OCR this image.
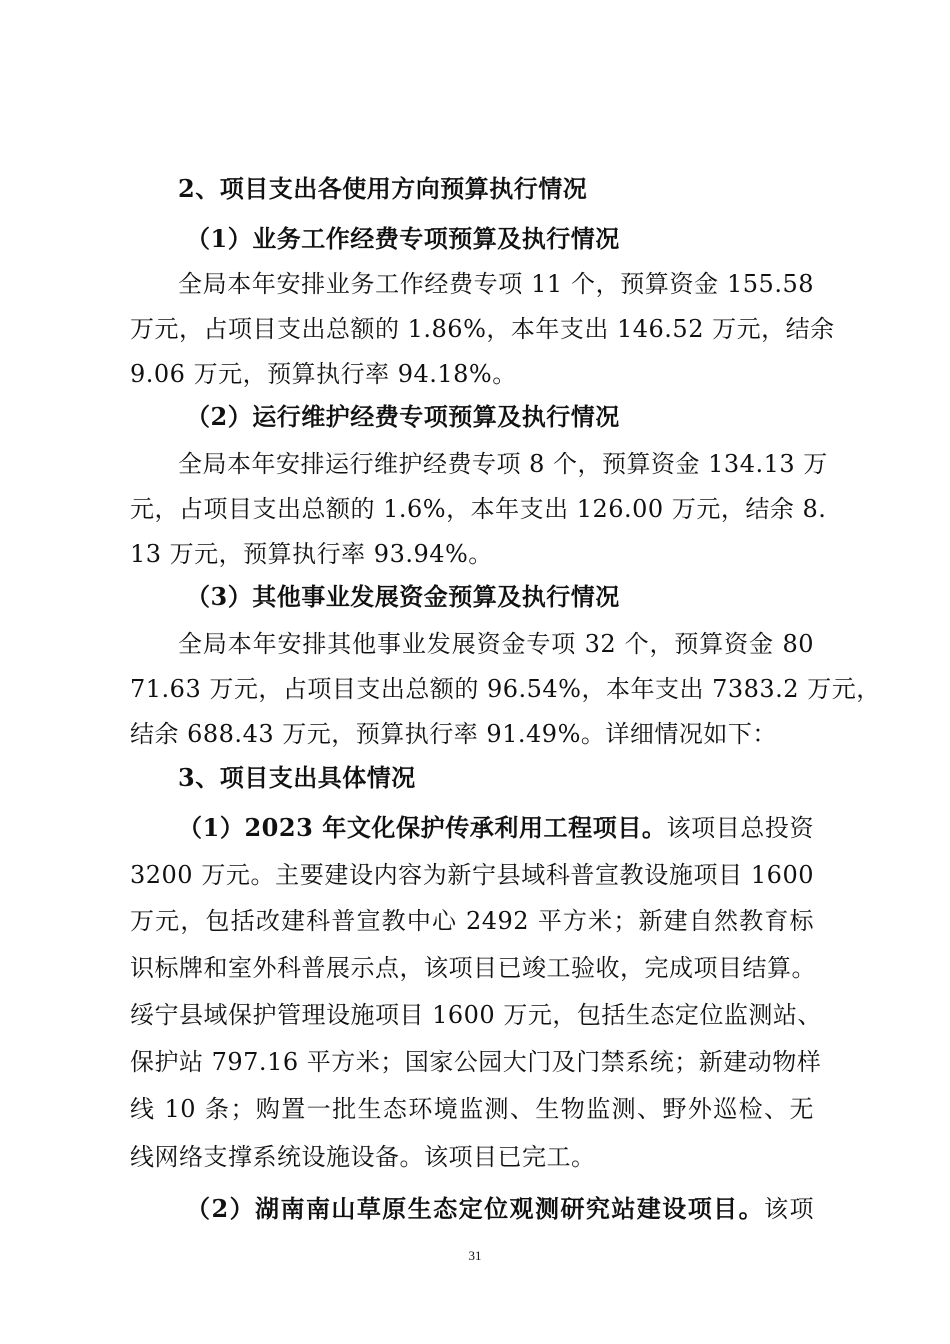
2、项目支出各使用方向预算执行情况
（1）业务工作经费专项预算及执行情况
全局本年安排业务工作经费专项 11 个，预算资金 155.58
万元，占项目支出总额的 1.86%，本年支出 146.52 万元，结余
9.06 万元，预算执行率 94.18%。
（2）运行维护经费专项预算及执行情况
全局本年安排运行维护经费专项 8 个，预算资金 134.13 万
元，占项目支出总额的 1.6%，本年支出 126.00 万元，结余 8.
13 万元，预算执行率 93.94%。
（3）其他事业发展资金预算及执行情况
全局本年安排其他事业发展资金专项 32 个，预算资金 80
71.63 万元，占项目支出总额的 96.54%，本年支出 7383.2 万元，
结余 688.43 万元，预算执行率 91.49%。详细情况如下：
3、项目支出具体情况
（1）2023 年文化保护传承利用工程项目。该项目总投资
3200 万元。主要建设内容为新宁县域科普宣教设施项目 1600
万元，包括改建科普宣教中心 2492 平方米；新建自然教育标
识标牌和室外科普展示点，该项目已竣工验收，完成项目结算。
绥宁县域保护管理设施项目 1600 万元，包括生态定位监测站、
保护站 797.16 平方米；国家公园大门及门禁系统；新建动物样
线 10 条；购置一批生态环境监测、生物监测、野外巡检、无
线网络支撑系统设施设备。该项目已完工。
（2）湖南南山草原生态定位观测研究站建设项目。该项
31
